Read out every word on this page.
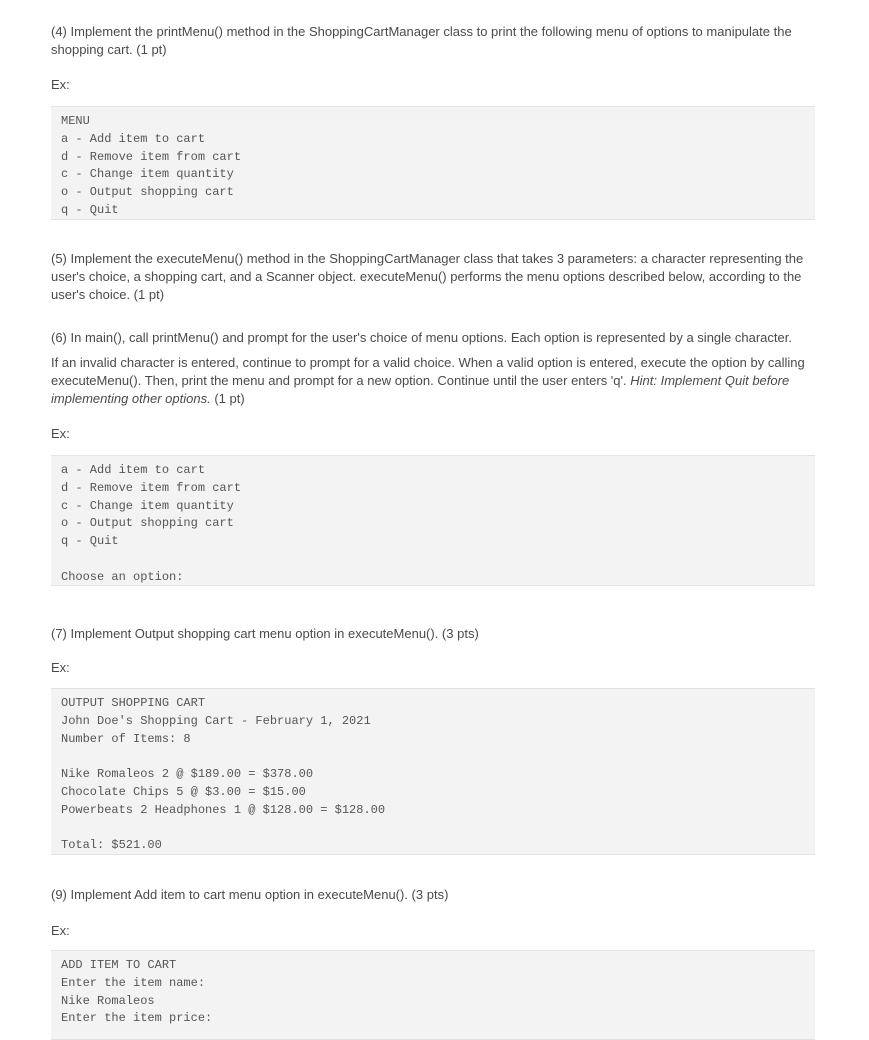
(4) Implement the printMenu() method in the ShoppingCartManager class to print the following menu of options to manipulate the shopping cart. (1 pt)

Ex:

MENU
a - Add item to cart
d - Remove item from cart
c - Change item quantity
o - Output shopping cart
q - Quit

(5) Implement the executeMenu() method in the ShoppingCartManager class that takes 3 parameters: a character representing the user's choice, a shopping cart, and a Scanner object. executeMenu() performs the menu options described below, according to the user's choice. (1 pt)

(6) In main(), call printMenu() and prompt for the user's choice of menu options. Each option is represented by a single character.

If an invalid character is entered, continue to prompt for a valid choice. When a valid option is entered, execute the option by calling executeMenu(). Then, print the menu and prompt for a new option. Continue until the user enters 'q'. Hint: Implement Quit before implementing other options. (1 pt)

Ex:

a - Add item to cart
d - Remove item from cart
c - Change item quantity
o - Output shopping cart
q - Quit
Choose an option:

(7) Implement Output shopping cart menu option in executeMenu(). (3 pts)

Ex:

OUTPUT SHOPPING CART
John Doe's Shopping Cart - February 1, 2021
Number of Items: 8
Nike Romaleos 2 @ $189.00 = $378.00
Chocolate Chips 5 @ $3.00 = $15.00
Powerbeats 2 Headphones 1 @ $128.00 = $128.00
Total: $521.00

(9) Implement Add item to cart menu option in executeMenu(). (3 pts)

Ex:

ADD ITEM TO CART
Enter the item name:
Nike Romaleos
Enter the item price:
